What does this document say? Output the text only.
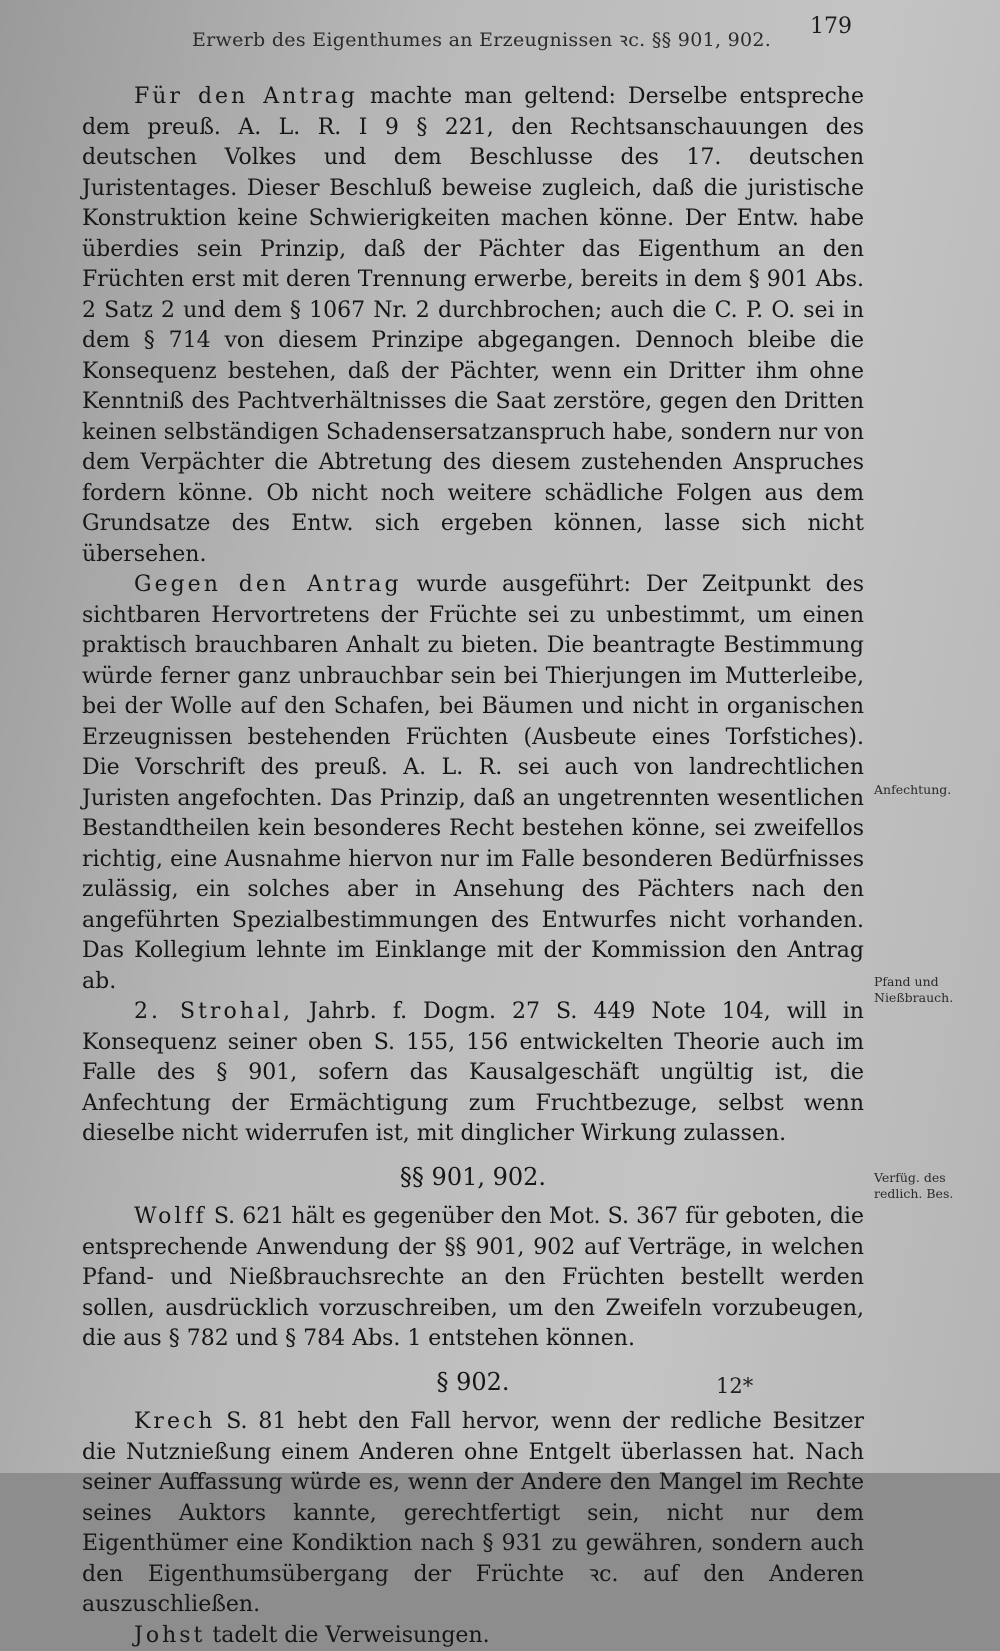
Erwerb des Eigenthumes an Erzeugnissen ꝛc. §§ 901, 902.
179

Für den Antrag machte man geltend: Derselbe entspreche dem preuß. A. L. R. I 9 § 221, den Rechtsanschauungen des deutschen Volkes und dem Beschlusse des 17. deutschen Juristentages. Dieser Beschluß beweise zugleich, daß die juristische Konstruktion keine Schwierigkeiten machen könne. Der Entw. habe überdies sein Prinzip, daß der Pächter das Eigenthum an den Früchten erst mit deren Trennung erwerbe, bereits in dem § 901 Abs. 2 Satz 2 und dem § 1067 Nr. 2 durchbrochen; auch die C. P. O. sei in dem § 714 von diesem Prinzipe abgegangen. Dennoch bleibe die Konsequenz bestehen, daß der Pächter, wenn ein Dritter ihm ohne Kenntniß des Pachtverhältnisses die Saat zerstöre, gegen den Dritten keinen selbständigen Schadensersatzanspruch habe, sondern nur von dem Verpächter die Abtretung des diesem zustehenden Anspruches fordern könne. Ob nicht noch weitere schädliche Folgen aus dem Grundsatze des Entw. sich ergeben können, lasse sich nicht übersehen.

Gegen den Antrag wurde ausgeführt: Der Zeitpunkt des sichtbaren Hervortretens der Früchte sei zu unbestimmt, um einen praktisch brauchbaren Anhalt zu bieten. Die beantragte Bestimmung würde ferner ganz unbrauchbar sein bei Thierjungen im Mutterleibe, bei der Wolle auf den Schafen, bei Bäumen und nicht in organischen Erzeugnissen bestehenden Früchten (Ausbeute eines Torfstiches). Die Vorschrift des preuß. A. L. R. sei auch von landrechtlichen Juristen angefochten. Das Prinzip, daß an ungetrennten wesentlichen Bestandtheilen kein besonderes Recht bestehen könne, sei zweifellos richtig, eine Ausnahme hiervon nur im Falle besonderen Bedürfnisses zulässig, ein solches aber in Ansehung des Pächters nach den angeführten Spezialbestimmungen des Entwurfes nicht vorhanden. Das Kollegium lehnte im Einklange mit der Kommission den Antrag ab.

2. Strohal, Jahrb. f. Dogm. 27 S. 449 Note 104, will in Konsequenz seiner oben S. 155, 156 entwickelten Theorie auch im Falle des § 901, sofern das Kausalgeschäft ungültig ist, die Anfechtung der Ermächtigung zum Fruchtbezuge, selbst wenn dieselbe nicht widerrufen ist, mit dinglicher Wirkung zulassen.

§§ 901, 902.

Wolff S. 621 hält es gegenüber den Mot. S. 367 für geboten, die entsprechende Anwendung der §§ 901, 902 auf Verträge, in welchen Pfand- und Nießbrauchsrechte an den Früchten bestellt werden sollen, ausdrücklich vorzuschreiben, um den Zweifeln vorzubeugen, die aus § 782 und § 784 Abs. 1 entstehen können.

§ 902.

Krech S. 81 hebt den Fall hervor, wenn der redliche Besitzer die Nutznießung einem Anderen ohne Entgelt überlassen hat. Nach seiner Auffassung würde es, wenn der Andere den Mangel im Rechte seines Auktors kannte, gerechtfertigt sein, nicht nur dem Eigenthümer eine Kondiktion nach § 931 zu gewähren, sondern auch den Eigenthumsübergang der Früchte ꝛc. auf den Anderen auszuschließen.

Johst tadelt die Verweisungen.

Anfechtung.
Pfand und Nießbrauch.
Verfüg. des redlich. Bes.
12*
